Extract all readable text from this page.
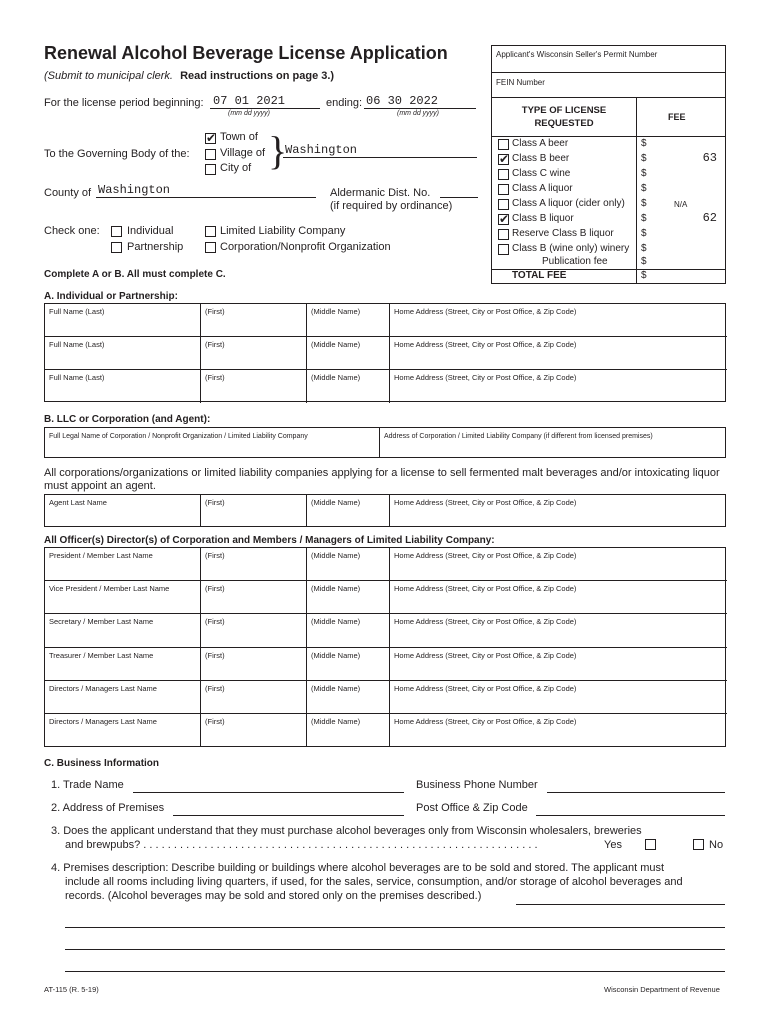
Renewal Alcohol Beverage License Application
(Submit to municipal clerk. Read instructions on page 3.)
Applicant's Wisconsin Seller's Permit Number
FEIN Number
For the license period beginning: 07 01 2021
(mm dd yyyy)
ending: 06 30 2022
(mm dd yyyy)
To the Governing Body of the:
✔
Town of
Village of
City of }
Washington
County of Washington	Aldermanic Dist. No.
(if required by ordinance)
Check one: Individual
Partnership
Limited Liability Company
Corporation/Nonprofit Organization
Complete A or B. All must complete C.
TYPE OF LICENSE REQUESTED
FEE
Class A beer	$
✔
Class B beer	$	63
Class C wine	$
Class A liquor	$
Class A liquor (cider only) $	N/A
✔
Class B liquor	$	62
Reserve Class B liquor	$
Class B (wine only) winery $
Publication fee	$
TOTAL FEE	$
A. Individual or Partnership:
Full Name (Last)	(First)	(Middle Name)	Home Address (Street, City or Post Office, & Zip Code)
Full Name (Last)	(First)	(Middle Name)	Home Address (Street, City or Post Office, & Zip Code)
Full Name (Last)	(First)	(Middle Name)	Home Address (Street, City or Post Office, & Zip Code)
B. LLC or Corporation (and Agent):
Full Legal Name of Corporation / Nonprofit Organization / Limited Liability Company	Address of Corporation / Limited Liability Company (if different from licensed premises)
All corporations/organizations or limited liability companies applying for a license to sell fermented malt beverages and/or intoxicating liquor must appoint an agent.
Agent Last Name	(First)	(Middle Name)	Home Address (Street, City or Post Office, & Zip Code)
All Officer(s) Director(s) of Corporation and Members / Managers of Limited Liability Company:
President / Member Last Name	(First)	(Middle Name)	Home Address (Street, City or Post Office, & Zip Code)
Vice President / Member Last Name	(First)	(Middle Name)	Home Address (Street, City or Post Office, & Zip Code)
Secretary / Member Last Name	(First)	(Middle Name)	Home Address (Street, City or Post Office, & Zip Code)
Treasurer / Member Last Name	(First)	(Middle Name)	Home Address (Street, City or Post Office, & Zip Code)
Directors / Managers Last Name	(First)	(Middle Name)	Home Address (Street, City or Post Office, & Zip Code)
Directors / Managers Last Name	(First)	(Middle Name)	Home Address (Street, City or Post Office, & Zip Code)
C. Business Information
1. Trade Name	Business Phone Number
2. Address of Premises	Post Office & Zip Code
3. Does the applicant understand that they must purchase alcohol beverages only from Wisconsin wholesalers, breweries
and brewpubs? . . . . . . . . . . . . . . . . . . . . . . . . . . . . . . . . . . . . . . . . . . . . . . . . . . . . . . . . . . . . . . . . .	Yes	No
4. Premises description: Describe building or buildings where alcohol beverages are to be sold and stored. The applicant must
include all rooms including living quarters, if used, for the sales, service, consumption, and/or storage of alcohol beverages and
records. (Alcohol beverages may be sold and stored only on the premises described.)
AT-115 (R. 5-19)	Wisconsin Department of Revenue
